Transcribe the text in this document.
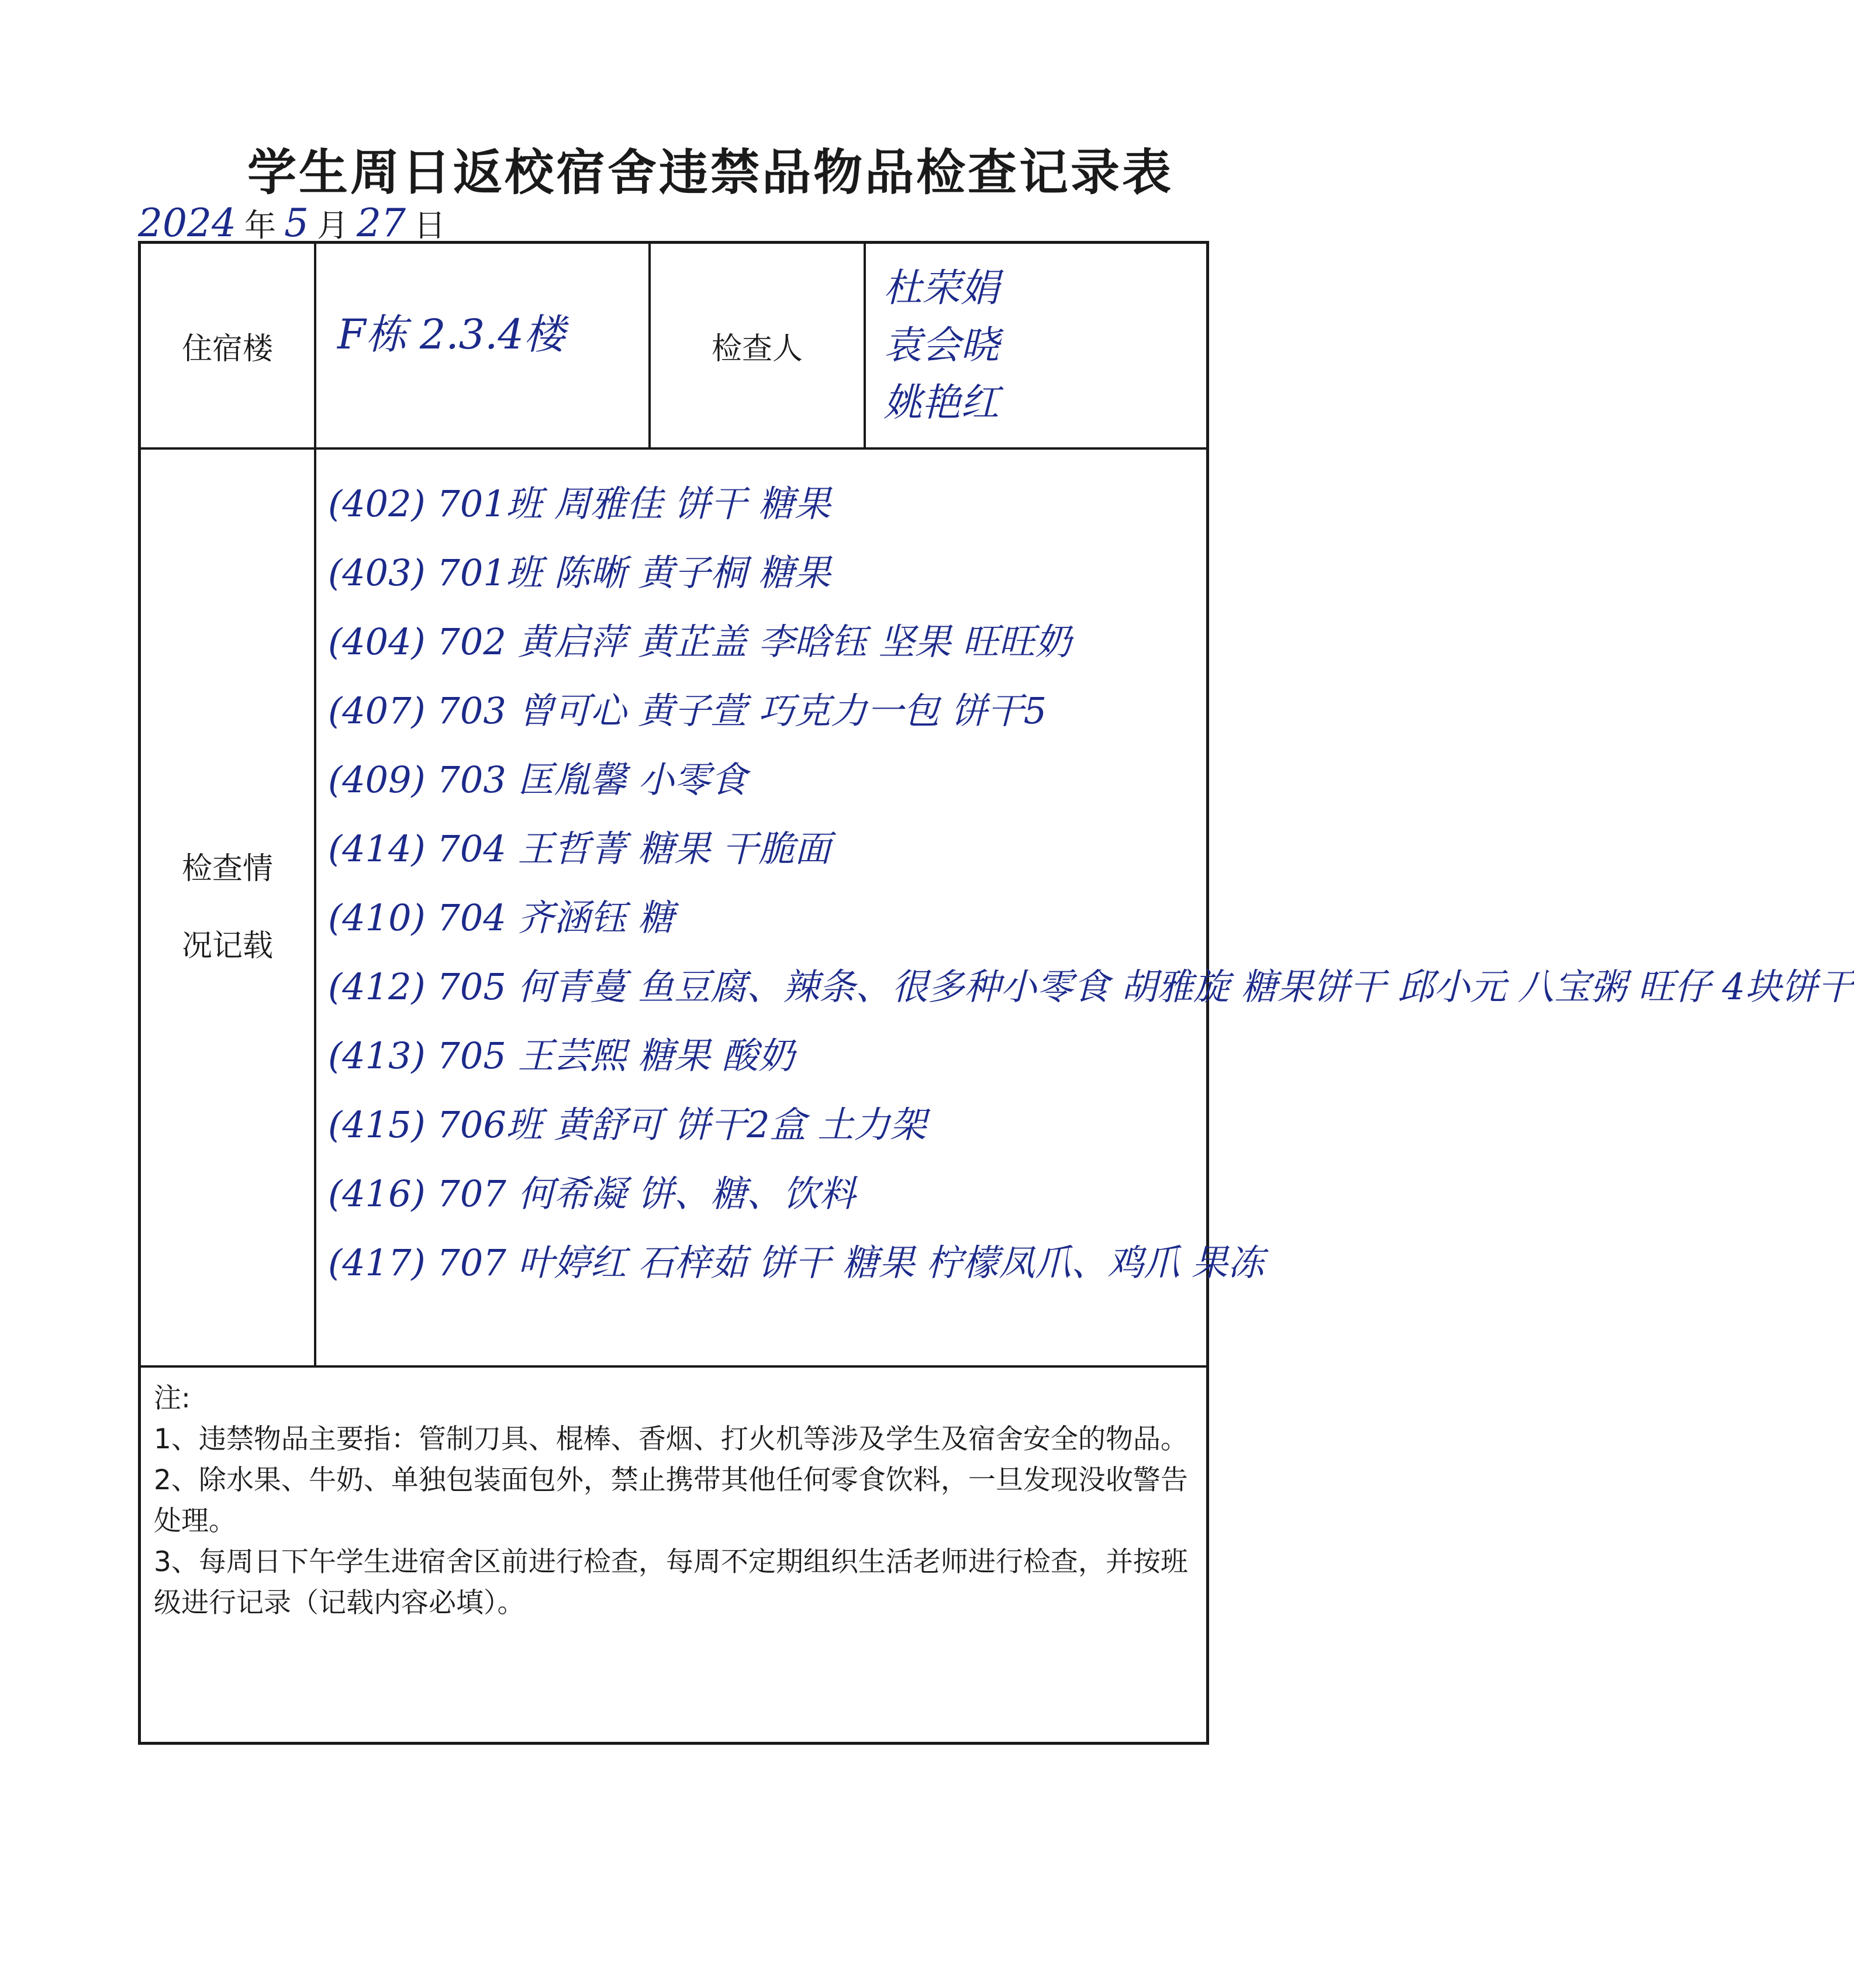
学生周日返校宿舍违禁品物品检查记录表
2024 年 5 月 27 日
住宿楼 F栋 2.3.4楼	检查人
杜荣娟
袁会晓
姚艳红
检查情
况记载
(402) 701班 周雅佳 饼干 糖果
(403) 701班 陈晰 黄子桐 糖果
(404) 702 黄启萍 黄芷盖 李晗钰 坚果 旺旺奶
(407) 703 曾可心 黄子萱 巧克力一包 饼干5
(409) 703 匡胤馨 小零食
(414) 704 王哲菁 糖果 干脆面
(410) 704 齐涵钰 糖
(412) 705 何青蔓 鱼豆腐、辣条、很多种小零食 胡雅旋 糖果饼干 邱小元 八宝粥 旺仔 4块饼干
(413) 705 王芸熙 糖果 酸奶
(415) 706班 黄舒可 饼干2盒 土力架
(416) 707 何希凝 饼、糖、饮料
(417) 707 叶婷红 石梓茹 饼干 糖果 柠檬凤爪、鸡爪 果冻

注:

1、违禁物品主要指：管制刀具、棍棒、香烟、打火机等涉及学生及宿舍安全的物品。

2、除水果、牛奶、单独包装面包外，禁止携带其他任何零食饮料，一旦发现没收警告处理。

3、每周日下午学生进宿舍区前进行检查，每周不定期组织生活老师进行检查，并按班级进行记录（记载内容必填）。
